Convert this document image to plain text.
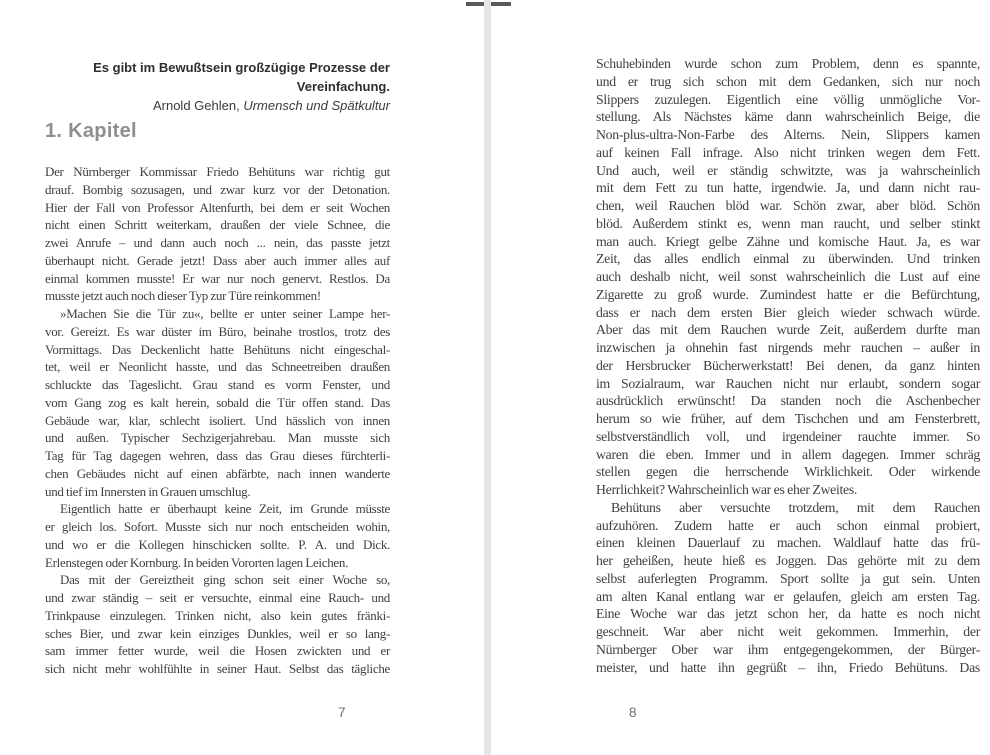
Es gibt im Bewußtsein großzügige Prozesse der Vereinfachung.
Arnold Gehlen, Urmensch und Spätkultur
1. Kapitel
Der Nürnberger Kommissar Friedo Behütuns war richtig gut
drauf. Bombig sozusagen, und zwar kurz vor der Detonation.
Hier der Fall von Professor Altenfurth, bei dem er seit Wochen
nicht einen Schritt weiterkam, draußen der viele Schnee, die
zwei Anrufe – und dann auch noch ... nein, das passte jetzt
überhaupt nicht. Gerade jetzt! Dass aber auch immer alles auf
einmal kommen musste! Er war nur noch genervt. Restlos. Da
musste jetzt auch noch dieser Typ zur Türe reinkommen!
»Machen Sie die Tür zu«, bellte er unter seiner Lampe her-
vor. Gereizt. Es war düster im Büro, beinahe trostlos, trotz des
Vormittags. Das Deckenlicht hatte Behütuns nicht eingeschal-
tet, weil er Neonlicht hasste, und das Schneetreiben draußen
schluckte das Tageslicht. Grau stand es vorm Fenster, und
vom Gang zog es kalt herein, sobald die Tür offen stand. Das
Gebäude war, klar, schlecht isoliert. Und hässlich von innen
und außen. Typischer Sechzigerjahrebau. Man musste sich
Tag für Tag dagegen wehren, dass das Grau dieses fürchterli-
chen Gebäudes nicht auf einen abfärbte, nach innen wanderte
und tief im Innersten in Grauen umschlug.
Eigentlich hatte er überhaupt keine Zeit, im Grunde müsste
er gleich los. Sofort. Musste sich nur noch entscheiden wohin,
und wo er die Kollegen hinschicken sollte. P. A. und Dick.
Erlenstegen oder Kornburg. In beiden Vororten lagen Leichen.
Das mit der Gereiztheit ging schon seit einer Woche so,
und zwar ständig – seit er versuchte, einmal eine Rauch- und
Trinkpause einzulegen. Trinken nicht, also kein gutes fränki-
sches Bier, und zwar kein einziges Dunkles, weil er so lang-
sam immer fetter wurde, weil die Hosen zwickten und er
sich nicht mehr wohlfühlte in seiner Haut. Selbst das tägliche
7
Schuhebinden wurde schon zum Problem, denn es spannte,
und er trug sich schon mit dem Gedanken, sich nur noch
Slippers zuzulegen. Eigentlich eine völlig unmögliche Vor-
stellung. Als Nächstes käme dann wahrscheinlich Beige, die
Non-plus-ultra-Non-Farbe des Alterns. Nein, Slippers kamen
auf keinen Fall infrage. Also nicht trinken wegen dem Fett.
Und auch, weil er ständig schwitzte, was ja wahrscheinlich
mit dem Fett zu tun hatte, irgendwie. Ja, und dann nicht rau-
chen, weil Rauchen blöd war. Schön zwar, aber blöd. Schön
blöd. Außerdem stinkt es, wenn man raucht, und selber stinkt
man auch. Kriegt gelbe Zähne und komische Haut. Ja, es war
Zeit, das alles endlich einmal zu überwinden. Und trinken
auch deshalb nicht, weil sonst wahrscheinlich die Lust auf eine
Zigarette zu groß wurde. Zumindest hatte er die Befürchtung,
dass er nach dem ersten Bier gleich wieder schwach würde.
Aber das mit dem Rauchen wurde Zeit, außerdem durfte man
inzwischen ja ohnehin fast nirgends mehr rauchen – außer in
der Hersbrucker Bücherwerkstatt! Bei denen, da ganz hinten
im Sozialraum, war Rauchen nicht nur erlaubt, sondern sogar
ausdrücklich erwünscht! Da standen noch die Aschenbecher
herum so wie früher, auf dem Tischchen und am Fensterbrett,
selbstverständlich voll, und irgendeiner rauchte immer. So
waren die eben. Immer und in allem dagegen. Immer schräg
stellen gegen die herrschende Wirklichkeit. Oder wirkende
Herrlichkeit? Wahrscheinlich war es eher Zweites.
Behütuns aber versuchte trotzdem, mit dem Rauchen
aufzuhören. Zudem hatte er auch schon einmal probiert,
einen kleinen Dauerlauf zu machen. Waldlauf hatte das frü-
her geheißen, heute hieß es Joggen. Das gehörte mit zu dem
selbst auferlegten Programm. Sport sollte ja gut sein. Unten
am alten Kanal entlang war er gelaufen, gleich am ersten Tag.
Eine Woche war das jetzt schon her, da hatte es noch nicht
geschneit. War aber nicht weit gekommen. Immerhin, der
Nürnberger Ober war ihm entgegengekommen, der Bürger-
meister, und hatte ihn gegrüßt – ihn, Friedo Behütuns. Das
8
